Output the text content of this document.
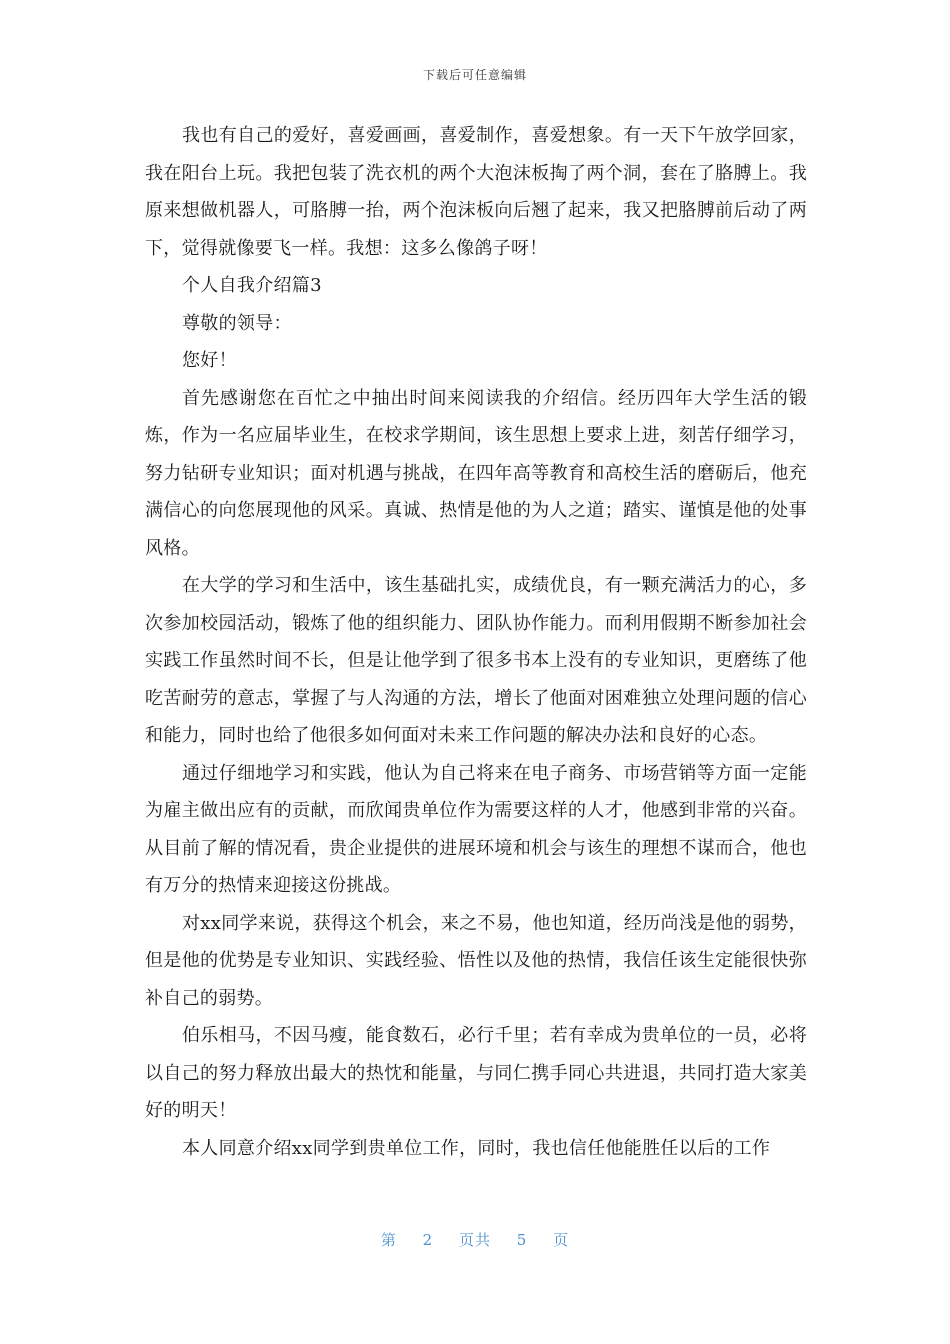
下载后可任意编辑

我也有自己的爱好，喜爱画画，喜爱制作，喜爱想象。有一天下午放学回家，我在阳台上玩。我把包装了洗衣机的两个大泡沫板掏了两个洞，套在了胳膊上。我原来想做机器人，可胳膊一抬，两个泡沫板向后翘了起来，我又把胳膊前后动了两下，觉得就像要飞一样。我想：这多么像鸽子呀！

个人自我介绍篇3

尊敬的领导：

您好！

首先感谢您在百忙之中抽出时间来阅读我的介绍信。经历四年大学生活的锻炼，作为一名应届毕业生，在校求学期间，该生思想上要求上进，刻苦仔细学习，努力钻研专业知识；面对机遇与挑战，在四年高等教育和高校生活的磨砺后，他充满信心的向您展现他的风采。真诚、热情是他的为人之道；踏实、谨慎是他的处事风格。

在大学的学习和生活中，该生基础扎实，成绩优良，有一颗充满活力的心，多次参加校园活动，锻炼了他的组织能力、团队协作能力。而利用假期不断参加社会实践工作虽然时间不长，但是让他学到了很多书本上没有的专业知识，更磨练了他吃苦耐劳的意志，掌握了与人沟通的方法，增长了他面对困难独立处理问题的信心和能力，同时也给了他很多如何面对未来工作问题的解决办法和良好的心态。

通过仔细地学习和实践，他认为自己将来在电子商务、市场营销等方面一定能为雇主做出应有的贡献，而欣闻贵单位作为需要这样的人才，他感到非常的兴奋。从目前了解的情况看，贵企业提供的进展环境和机会与该生的理想不谋而合，他也有万分的热情来迎接这份挑战。

对xx同学来说，获得这个机会，来之不易，他也知道，经历尚浅是他的弱势，但是他的优势是专业知识、实践经验、悟性以及他的热情，我信任该生定能很快弥补自己的弱势。

伯乐相马，不因马瘦，能食数石，必行千里；若有幸成为贵单位的一员，必将以自己的努力释放出最大的热忱和能量，与同仁携手同心共进退，共同打造大家美好的明天！

本人同意介绍xx同学到贵单位工作，同时，我也信任他能胜任以后的工作

第 2 页共 5 页
